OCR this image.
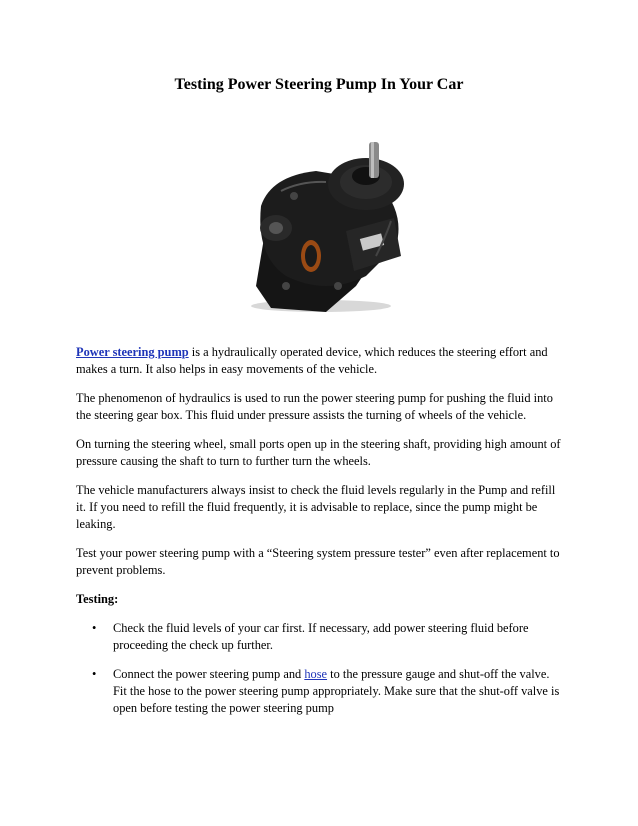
Testing Power Steering Pump In Your Car

Power steering pump is a hydraulically operated device, which reduces the steering effort and makes a turn. It also helps in easy movements of the vehicle.

The phenomenon of hydraulics is used to run the power steering pump for pushing the fluid into the steering gear box. This fluid under pressure assists the turning of wheels of the vehicle.

On turning the steering wheel, small ports open up in the steering shaft, providing high amount of pressure causing the shaft to turn to further turn the wheels.

The vehicle manufacturers always insist to check the fluid levels regularly in the Pump and refill it. If you need to refill the fluid frequently, it is advisable to replace, since the pump might be leaking.

Test your power steering pump with a “Steering system pressure tester” even after replacement to prevent problems.

Testing:
• Check the fluid levels of your car first. If necessary, add power steering fluid before proceeding the check up further.
• Connect the power steering pump and hose to the pressure gauge and shut-off the valve. Fit the hose to the power steering pump appropriately. Make sure that the shut-off valve is open before testing the power steering pump
